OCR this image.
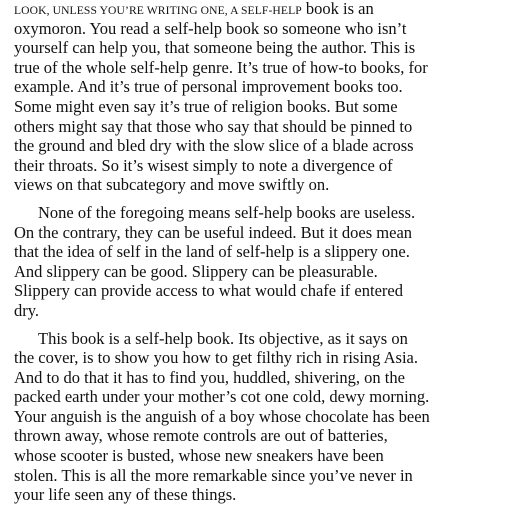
LOOK, UNLESS YOU’RE WRITING ONE, A SELF-HELP book is an
oxymoron. You read a self-help book so someone who isn’t
yourself can help you, that someone being the author. This is
true of the whole self-help genre. It’s true of how-to books, for
example. And it’s true of personal improvement books too.
Some might even say it’s true of religion books. But some
others might say that those who say that should be pinned to
the ground and bled dry with the slow slice of a blade across
their throats. So it’s wisest simply to note a divergence of
views on that subcategory and move swiftly on.

None of the foregoing means self-help books are useless.
On the contrary, they can be useful indeed. But it does mean
that the idea of self in the land of self-help is a slippery one.
And slippery can be good. Slippery can be pleasurable.
Slippery can provide access to what would chafe if entered
dry.

This book is a self-help book. Its objective, as it says on
the cover, is to show you how to get filthy rich in rising Asia.
And to do that it has to find you, huddled, shivering, on the
packed earth under your mother’s cot one cold, dewy morning.
Your anguish is the anguish of a boy whose chocolate has been
thrown away, whose remote controls are out of batteries,
whose scooter is busted, whose new sneakers have been
stolen. This is all the more remarkable since you’ve never in
your life seen any of these things.
